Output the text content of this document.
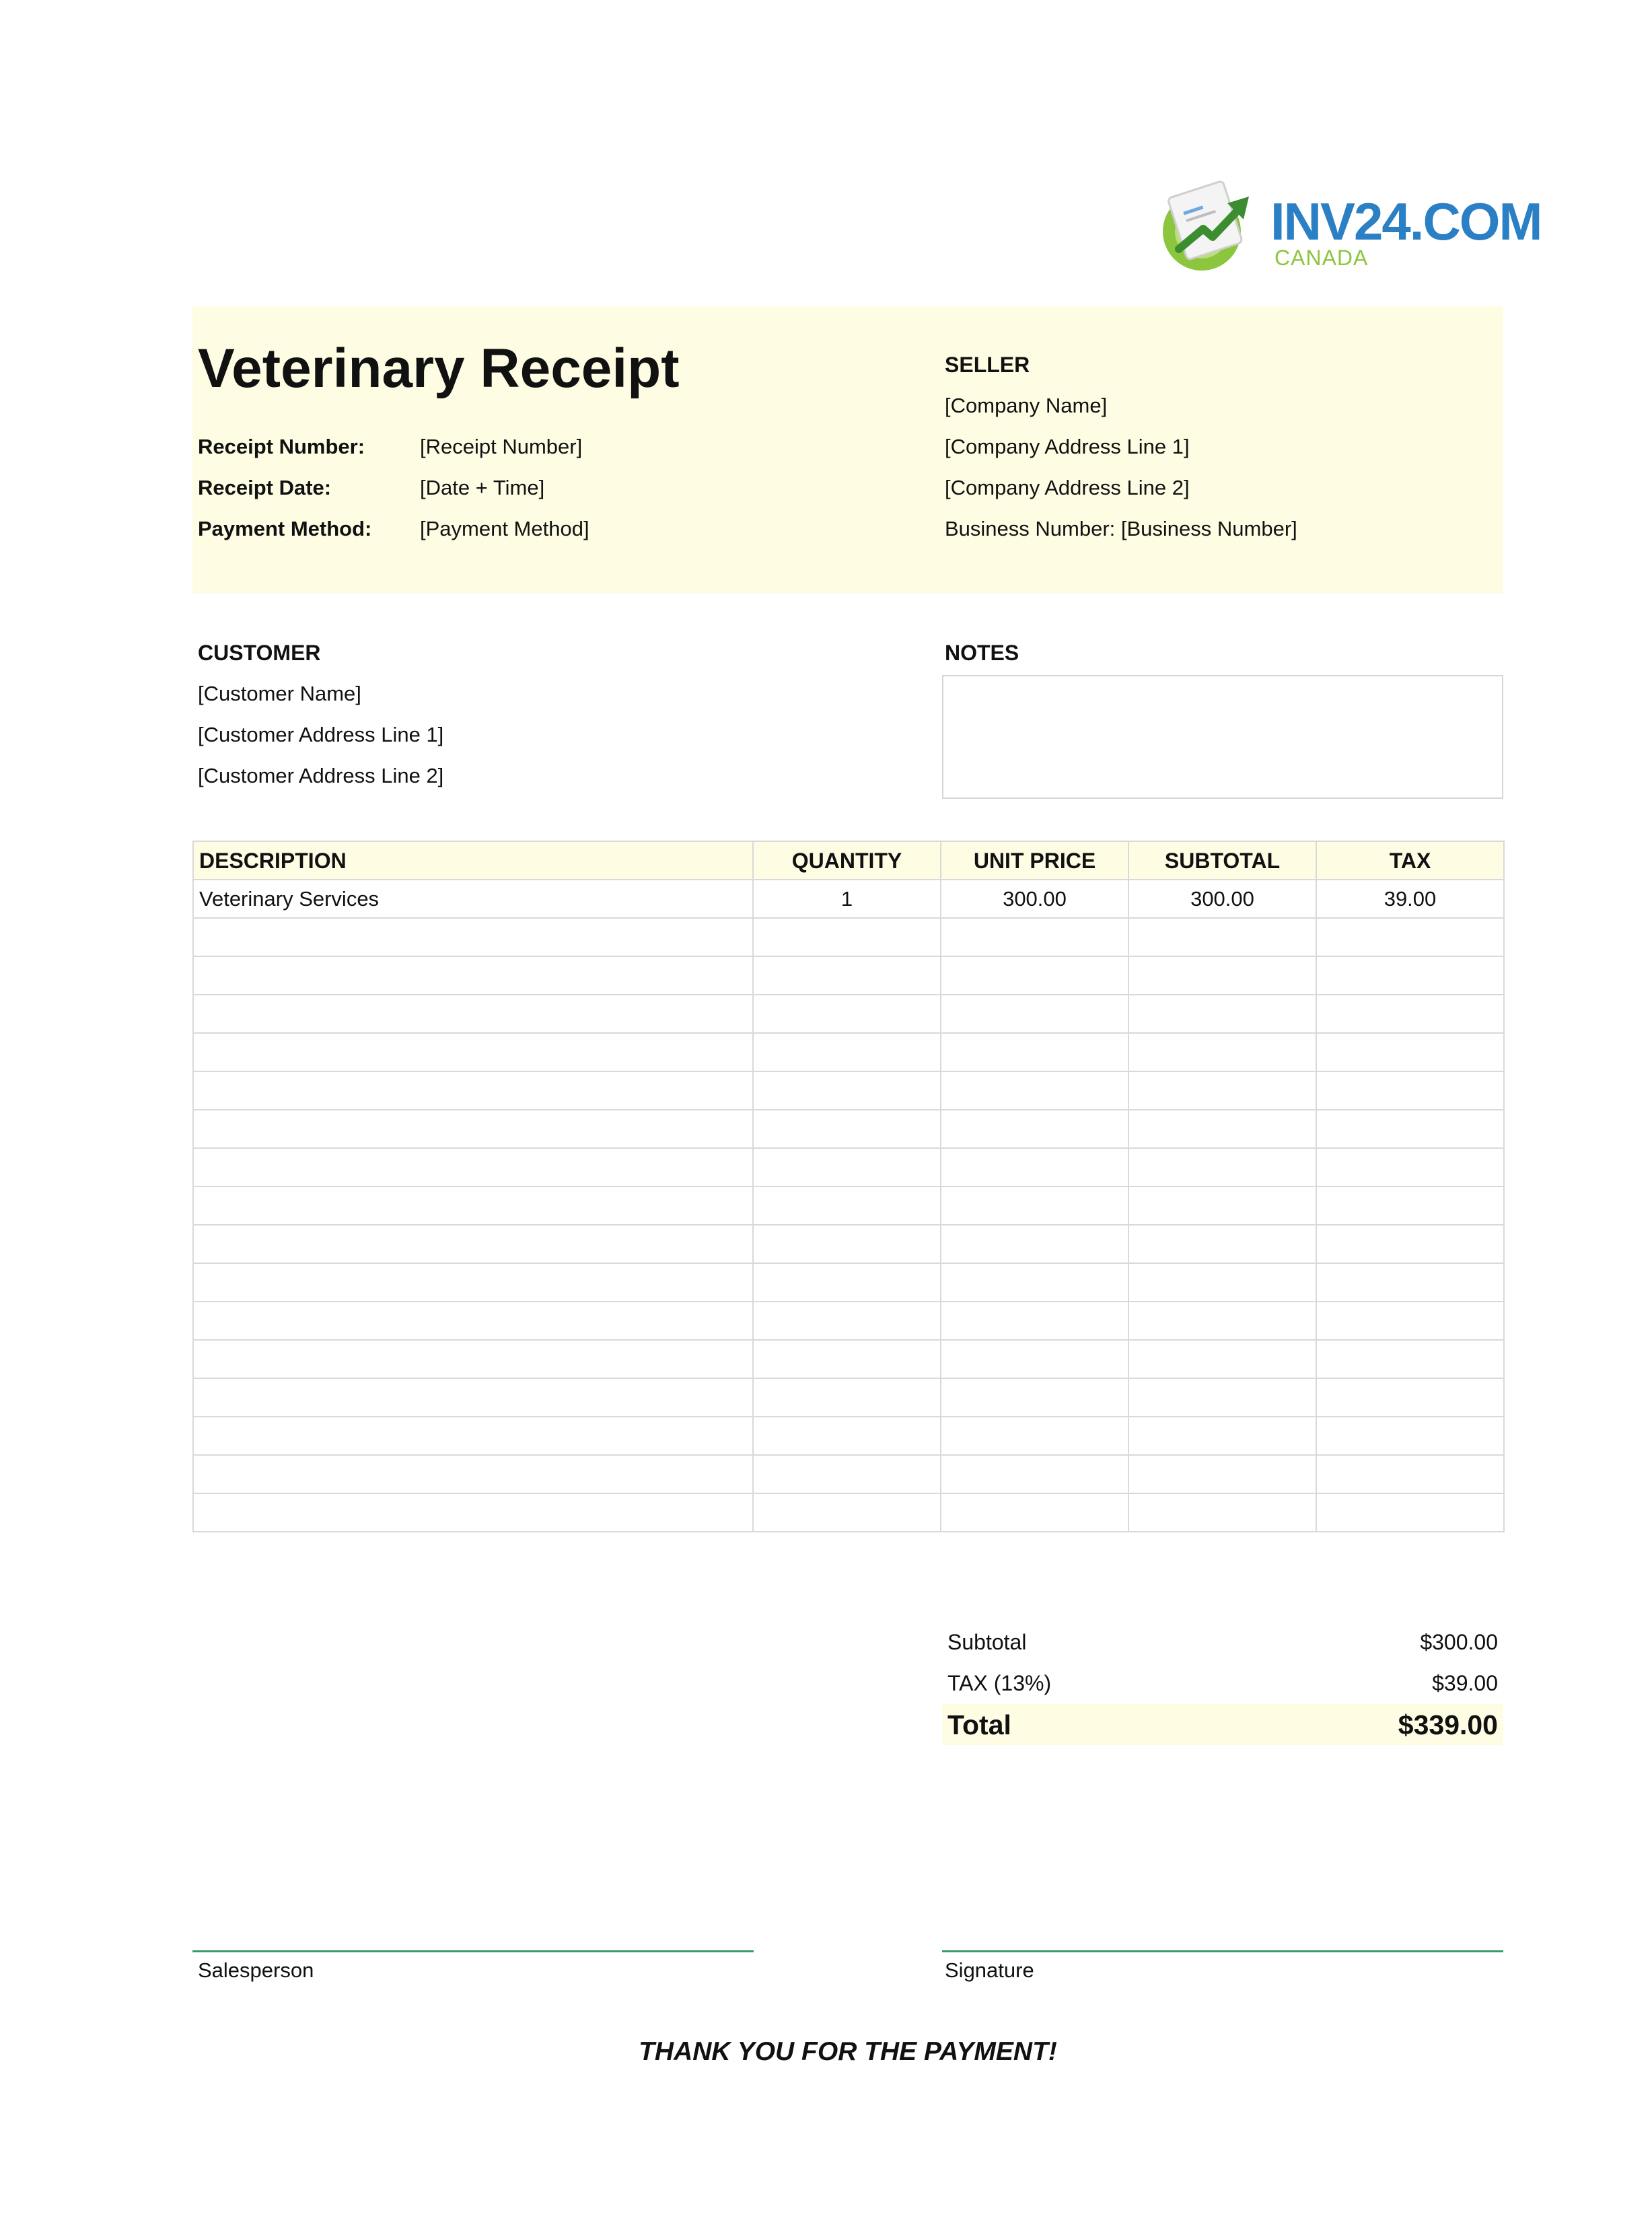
INV24.COM
CANADA
Veterinary Receipt
Receipt Number:	[Receipt Number]
Receipt Date:	[Date + Time]
Payment Method: [Payment Method]
SELLER
[Company Name]
[Company Address Line 1]
[Company Address Line 2]
Business Number: [Business Number]
CUSTOMER
[Customer Name]
[Customer Address Line 1]
[Customer Address Line 2]
NOTES
DESCRIPTION	QUANTITY	UNIT PRICE	SUBTOTAL	TAX
Veterinary Services	1	300.00	300.00	39.00

Subtotal	$300.00
TAX (13%)	$39.00
Total	$339.00
Salesperson	Signature
THANK YOU FOR THE PAYMENT!
